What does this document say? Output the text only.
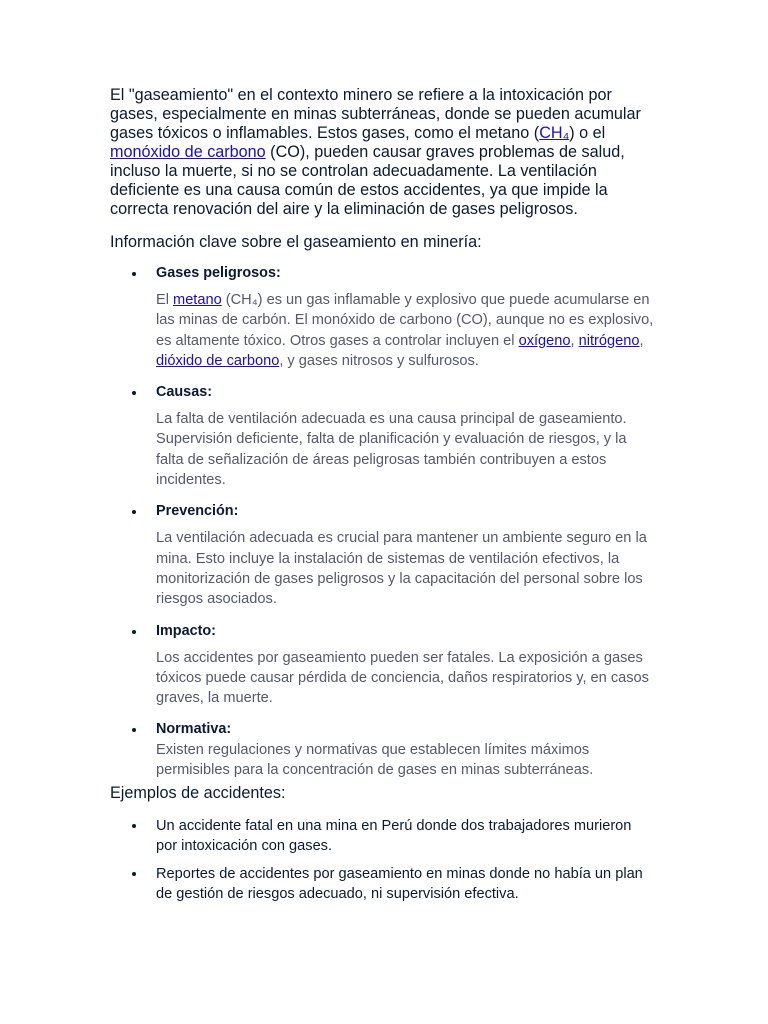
El "gaseamiento" en el contexto minero se refiere a la intoxicación por gases, especialmente en minas subterráneas, donde se pueden acumular gases tóxicos o inflamables. Estos gases, como el metano (CH₄) o el monóxido de carbono (CO), pueden causar graves problemas de salud, incluso la muerte, si no se controlan adecuadamente. La ventilación deficiente es una causa común de estos accidentes, ya que impide la correcta renovación del aire y la eliminación de gases peligrosos.

Información clave sobre el gaseamiento en minería:

Gases peligrosos:

El metano (CH₄) es un gas inflamable y explosivo que puede acumularse en las minas de carbón. El monóxido de carbono (CO), aunque no es explosivo, es altamente tóxico. Otros gases a controlar incluyen el oxígeno, nitrógeno, dióxido de carbono, y gases nitrosos y sulfurosos.

Causas:

La falta de ventilación adecuada es una causa principal de gaseamiento. Supervisión deficiente, falta de planificación y evaluación de riesgos, y la falta de señalización de áreas peligrosas también contribuyen a estos incidentes.

Prevención:

La ventilación adecuada es crucial para mantener un ambiente seguro en la mina. Esto incluye la instalación de sistemas de ventilación efectivos, la monitorización de gases peligrosos y la capacitación del personal sobre los riesgos asociados.

Impacto:

Los accidentes por gaseamiento pueden ser fatales. La exposición a gases tóxicos puede causar pérdida de conciencia, daños respiratorios y, en casos graves, la muerte.

Normativa:

Existen regulaciones y normativas que establecen límites máximos permisibles para la concentración de gases en minas subterráneas.

Ejemplos de accidentes:

Un accidente fatal en una mina en Perú donde dos trabajadores murieron por intoxicación con gases.
Reportes de accidentes por gaseamiento en minas donde no había un plan de gestión de riesgos adecuado, ni supervisión efectiva.
